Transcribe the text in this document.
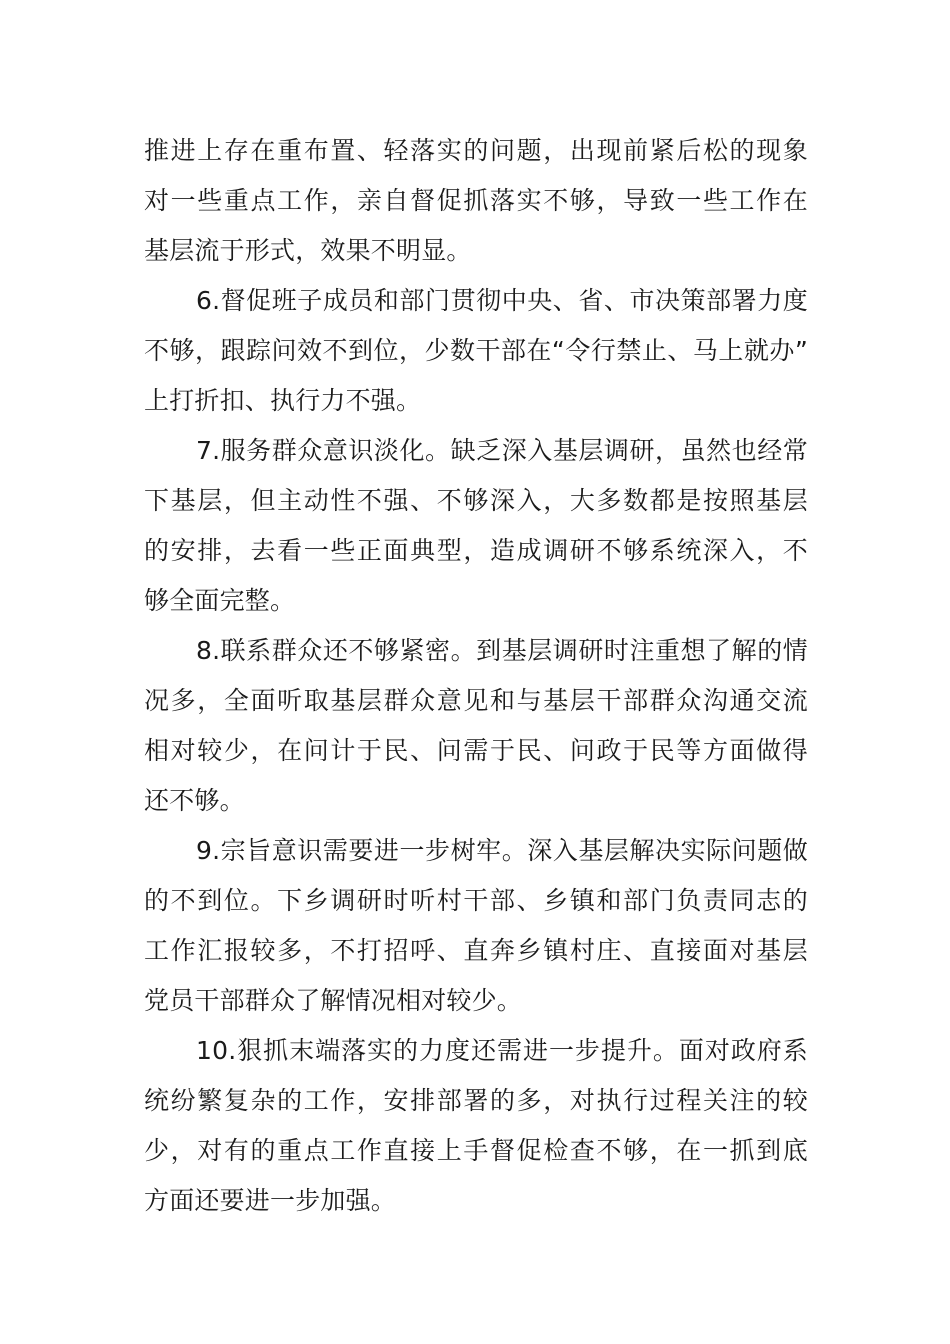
推进上存在重布置、轻落实的问题，出现前紧后松的现象
对一些重点工作，亲自督促抓落实不够，导致一些工作在
基层流于形式，效果不明显。
6.督促班子成员和部门贯彻中央、省、市决策部署力度
不够，跟踪问效不到位，少数干部在“令行禁止、马上就办”
上打折扣、执行力不强。
7.服务群众意识淡化。缺乏深入基层调研，虽然也经常
下基层，但主动性不强、不够深入，大多数都是按照基层
的安排，去看一些正面典型，造成调研不够系统深入，不
够全面完整。
8.联系群众还不够紧密。到基层调研时注重想了解的情
况多，全面听取基层群众意见和与基层干部群众沟通交流
相对较少，在问计于民、问需于民、问政于民等方面做得
还不够。
9.宗旨意识需要进一步树牢。深入基层解决实际问题做
的不到位。下乡调研时听村干部、乡镇和部门负责同志的
工作汇报较多，不打招呼、直奔乡镇村庄、直接面对基层
党员干部群众了解情况相对较少。
10.狠抓末端落实的力度还需进一步提升。面对政府系
统纷繁复杂的工作，安排部署的多，对执行过程关注的较
少，对有的重点工作直接上手督促检查不够，在一抓到底
方面还要进一步加强。
